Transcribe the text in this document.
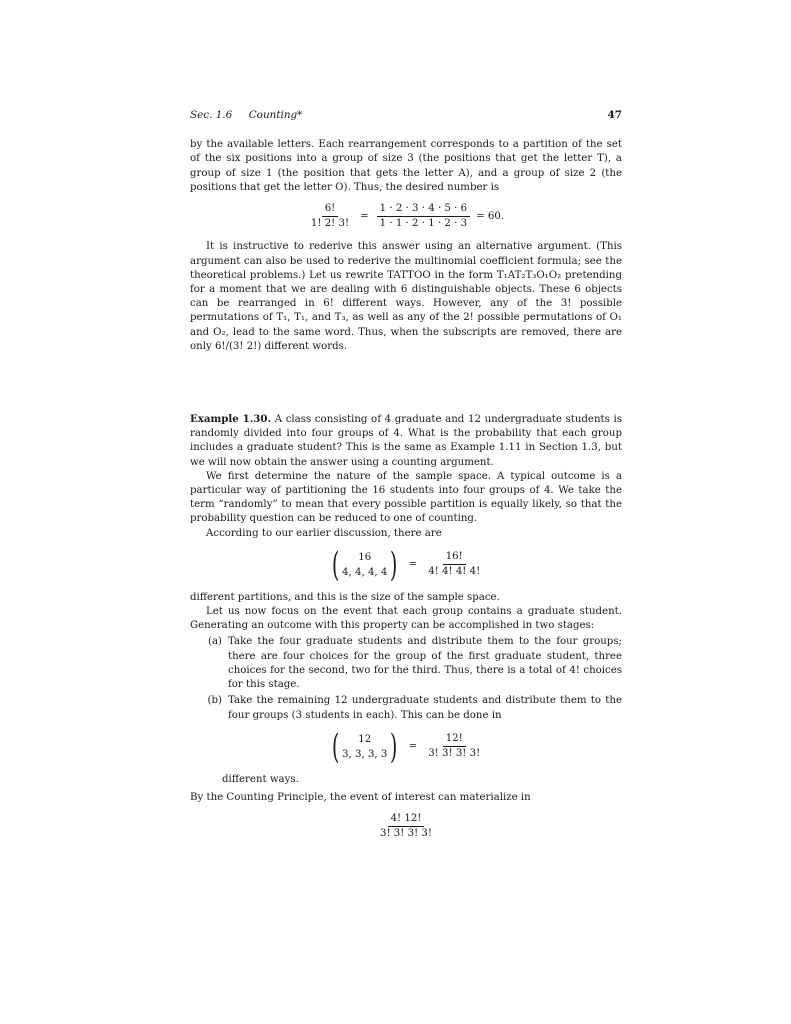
Sec. 1.6 Counting*	47

by the available letters. Each rearrangement corresponds to a partition of the set of the six positions into a group of size 3 (the positions that get the letter T), a group of size 1 (the position that gets the letter A), and a group of size 2 (the positions that get the letter O). Thus, the desired number is

$\frac{6!}{1! 2! 3!} = \frac{1 \cdot 2 \cdot 3 \cdot 4 \cdot 5 \cdot 6}{1 \cdot 1 \cdot 2 \cdot 1 \cdot 2 \cdot 3} = 60$.

It is instructive to rederive this answer using an alternative argument. (This argument can also be used to rederive the multinomial coefficient formula; see the theoretical problems.) Let us rewrite TATTOO in the form T₁AT₂T₃O₁O₂ pretending for a moment that we are dealing with 6 distinguishable objects. These 6 objects can be rearranged in 6! different ways. However, any of the 3! possible permutations of T₁, T₁, and T₃, as well as any of the 2! possible permutations of O₁ and O₂, lead to the same word. Thus, when the subscripts are removed, there are only 6!/(3! 2!) different words.

Example 1.30. A class consisting of 4 graduate and 12 undergraduate students is randomly divided into four groups of 4. What is the probability that each group includes a graduate student? This is the same as Example 1.11 in Section 1.3, but we will now obtain the answer using a counting argument.

We first determine the nature of the sample space. A typical outcome is a particular way of partitioning the 16 students into four groups of 4. We take the term “randomly” to mean that every possible partition is equally likely, so that the probability question can be reduced to one of counting.

According to our earlier discussion, there are

( 16
4, 4, 4, 4 ) = $\frac{16!}{4! 4! 4! 4!}$

different partitions, and this is the size of the sample space.

Let us now focus on the event that each group contains a graduate student. Generating an outcome with this property can be accomplished in two stages:

(a) Take the four graduate students and distribute them to the four groups; there are four choices for the group of the first graduate student, three choices for the second, two for the third. Thus, there is a total of 4! choices for this stage.
(b) Take the remaining 12 undergraduate students and distribute them to the four groups (3 students in each). This can be done in
( 12
3, 3, 3, 3 ) = $\frac{12!}{3! 3! 3! 3!}$

different ways.

By the Counting Principle, the event of interest can materialize in

$\frac{4! 12!}{3! 3! 3! 3!}$
